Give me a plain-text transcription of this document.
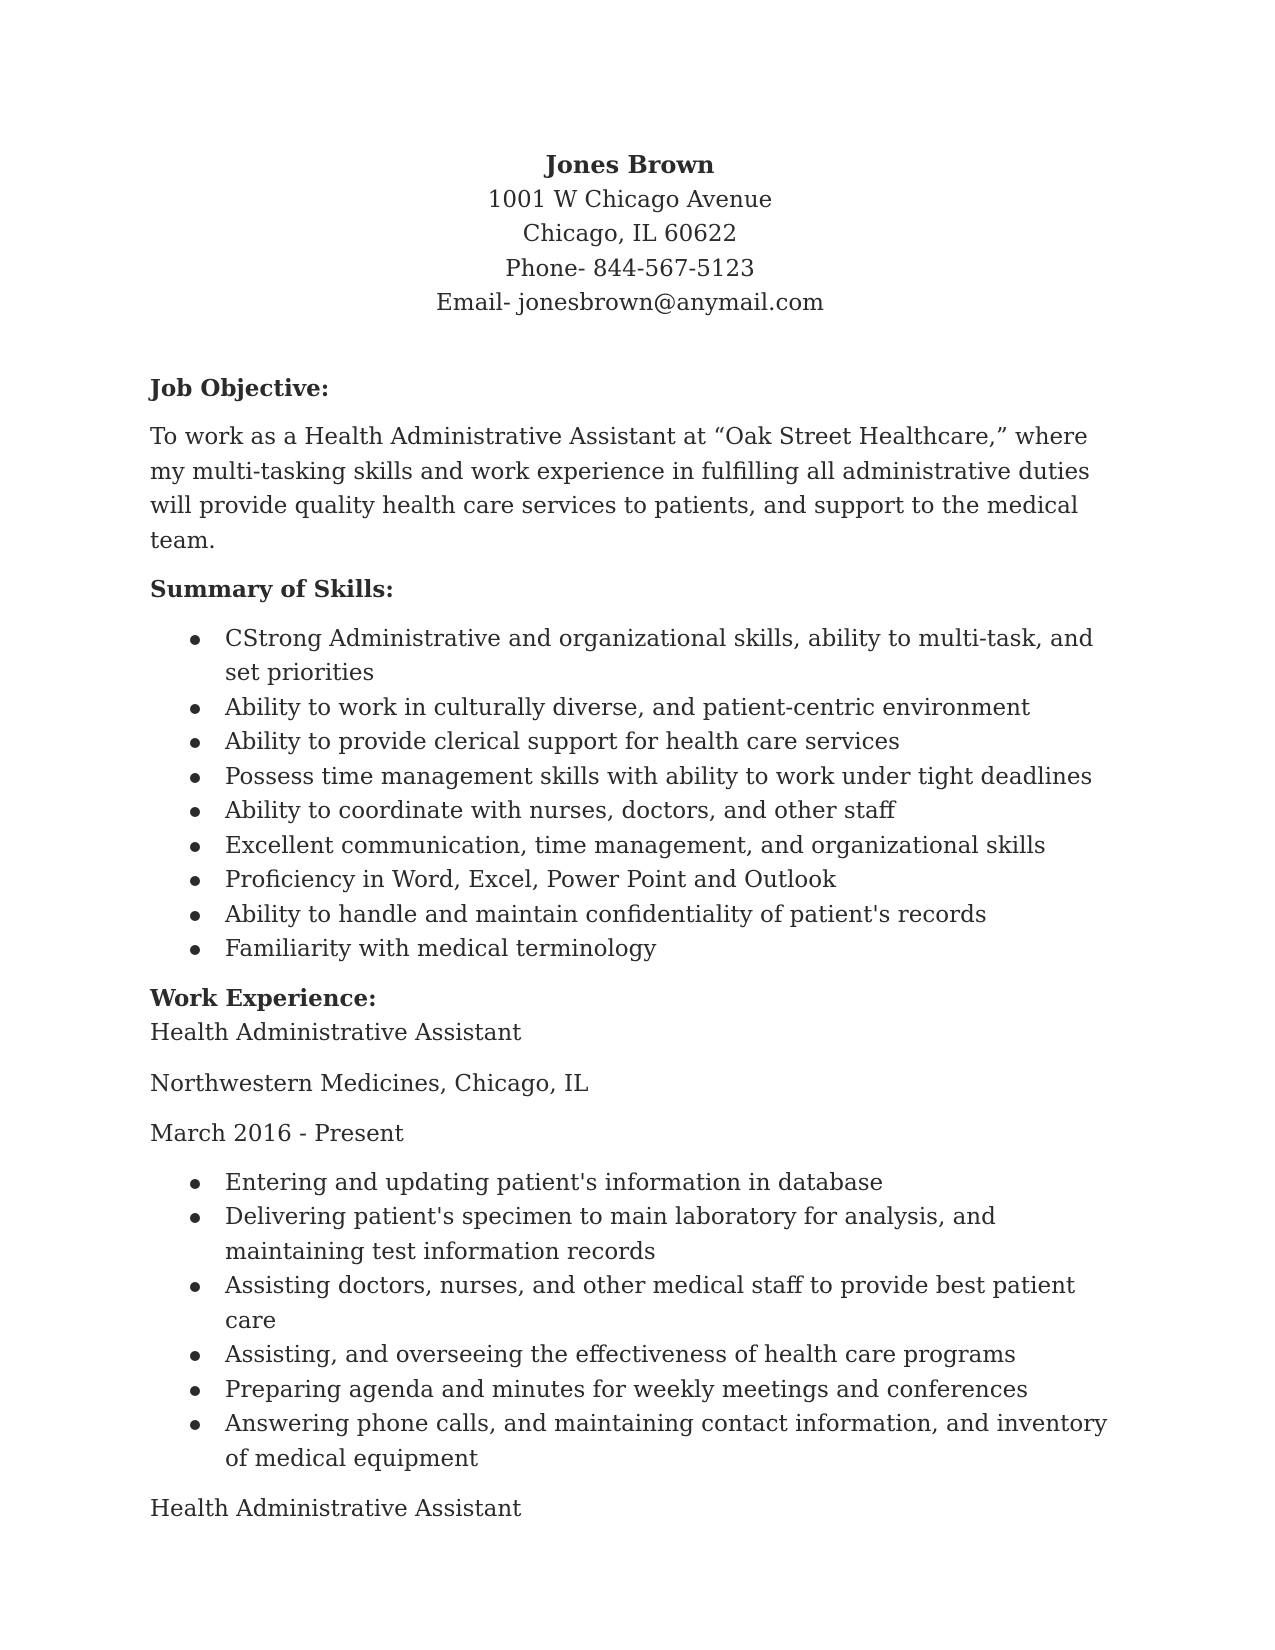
Jones Brown
1001 W Chicago Avenue
Chicago, IL 60622
Phone- 844-567-5123
Email- jonesbrown@anymail.com
Job Objective:
To work as a Health Administrative Assistant at “Oak Street Healthcare,” where my multi-tasking skills and work experience in fulfilling all administrative duties will provide quality health care services to patients, and support to the medical team.
Summary of Skills:
CStrong Administrative and organizational skills, ability to multi-task, and set priorities
Ability to work in culturally diverse, and patient-centric environment
Ability to provide clerical support for health care services
Possess time management skills with ability to work under tight deadlines
Ability to coordinate with nurses, doctors, and other staff
Excellent communication, time management, and organizational skills
Proficiency in Word, Excel, Power Point and Outlook
Ability to handle and maintain confidentiality of patient's records
Familiarity with medical terminology
Work Experience:
Health Administrative Assistant
Northwestern Medicines, Chicago, IL
March 2016 - Present
Entering and updating patient's information in database
Delivering patient's specimen to main laboratory for analysis, and maintaining test information records
Assisting doctors, nurses, and other medical staff to provide best patient care
Assisting, and overseeing the effectiveness of health care programs
Preparing agenda and minutes for weekly meetings and conferences
Answering phone calls, and maintaining contact information, and inventory of medical equipment
Health Administrative Assistant
